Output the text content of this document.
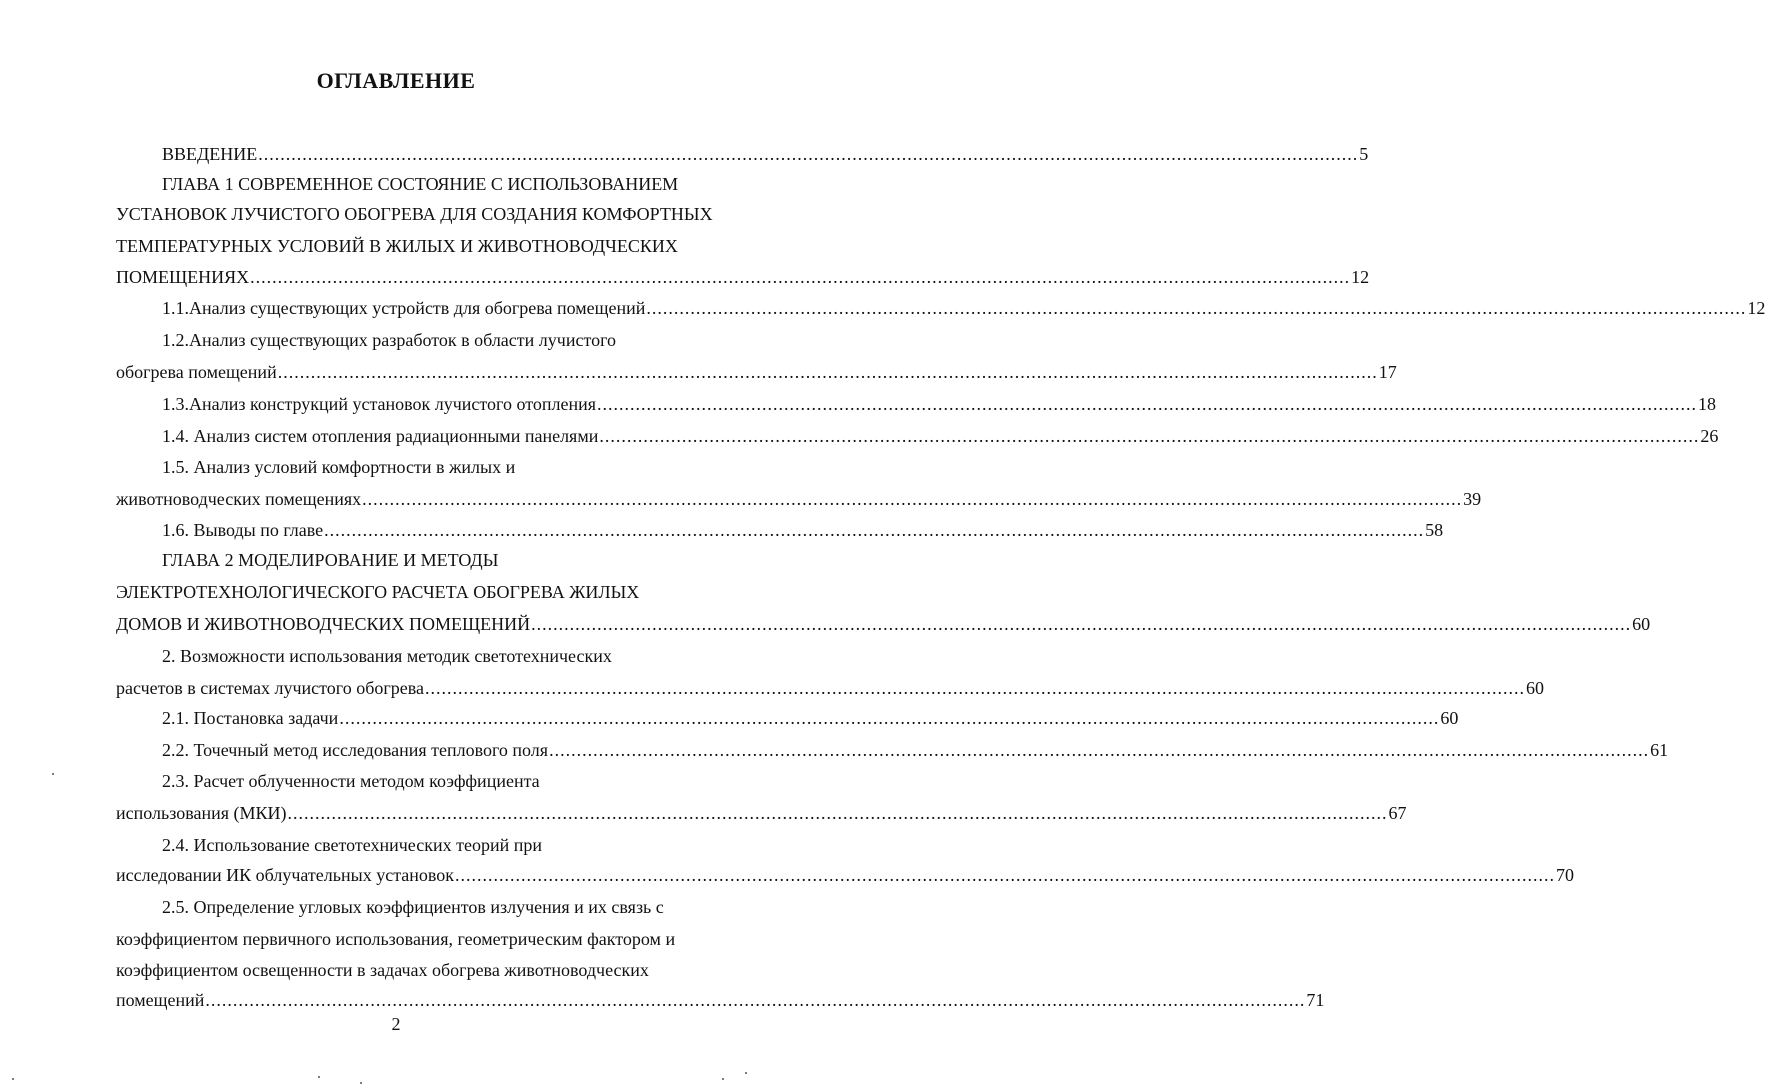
ОГЛАВЛЕНИЕ
ВВЕДЕНИЕ ........................................................................................................................................................................................................ 5
ГЛАВА 1 СОВРЕМЕННОЕ СОСТОЯНИЕ С ИСПОЛЬЗОВАНИЕМ
УСТАНОВОК ЛУЧИСТОГО ОБОГРЕВА ДЛЯ СОЗДАНИЯ КОМФОРТНЫХ
ТЕМПЕРАТУРНЫХ УСЛОВИЙ В ЖИЛЫХ И ЖИВОТНОВОДЧЕСКИХ
ПОМЕЩЕНИЯХ ........................................................................................................................................................................................................ 12
1.1.Анализ существующих устройств для обогрева помещений ........................................................................................................................................................................................................ 12
1.2.Анализ существующих разработок в области лучистого
обогрева помещений ........................................................................................................................................................................................................ 17
1.3.Анализ конструкций установок лучистого отопления ........................................................................................................................................................................................................ 18
1.4. Анализ систем отопления радиационными панелями ........................................................................................................................................................................................................ 26
1.5. Анализ условий комфортности в жилых и
животноводческих помещениях ........................................................................................................................................................................................................ 39
1.6. Выводы по главе ........................................................................................................................................................................................................ 58
ГЛАВА 2 МОДЕЛИРОВАНИЕ И МЕТОДЫ
ЭЛЕКТРОТЕХНОЛОГИЧЕСКОГО РАСЧЕТА ОБОГРЕВА ЖИЛЫХ
ДОМОВ И ЖИВОТНОВОДЧЕСКИХ ПОМЕЩЕНИЙ ........................................................................................................................................................................................................ 60
2. Возможности использования методик светотехнических
расчетов в системах лучистого обогрева ........................................................................................................................................................................................................ 60
2.1. Постановка задачи ........................................................................................................................................................................................................ 60
2.2. Точечный метод исследования теплового поля ........................................................................................................................................................................................................ 61
2.3. Расчет облученности методом коэффициента
использования (МКИ) ........................................................................................................................................................................................................ 67
2.4. Использование светотехнических теорий при
исследовании ИК облучательных установок ........................................................................................................................................................................................................ 70
2.5. Определение угловых коэффициентов излучения и их связь с
коэффициентом первичного использования, геометрическим фактором и
коэффициентом освещенности в задачах обогрева животноводческих
помещений ........................................................................................................................................................................................................ 71
2
